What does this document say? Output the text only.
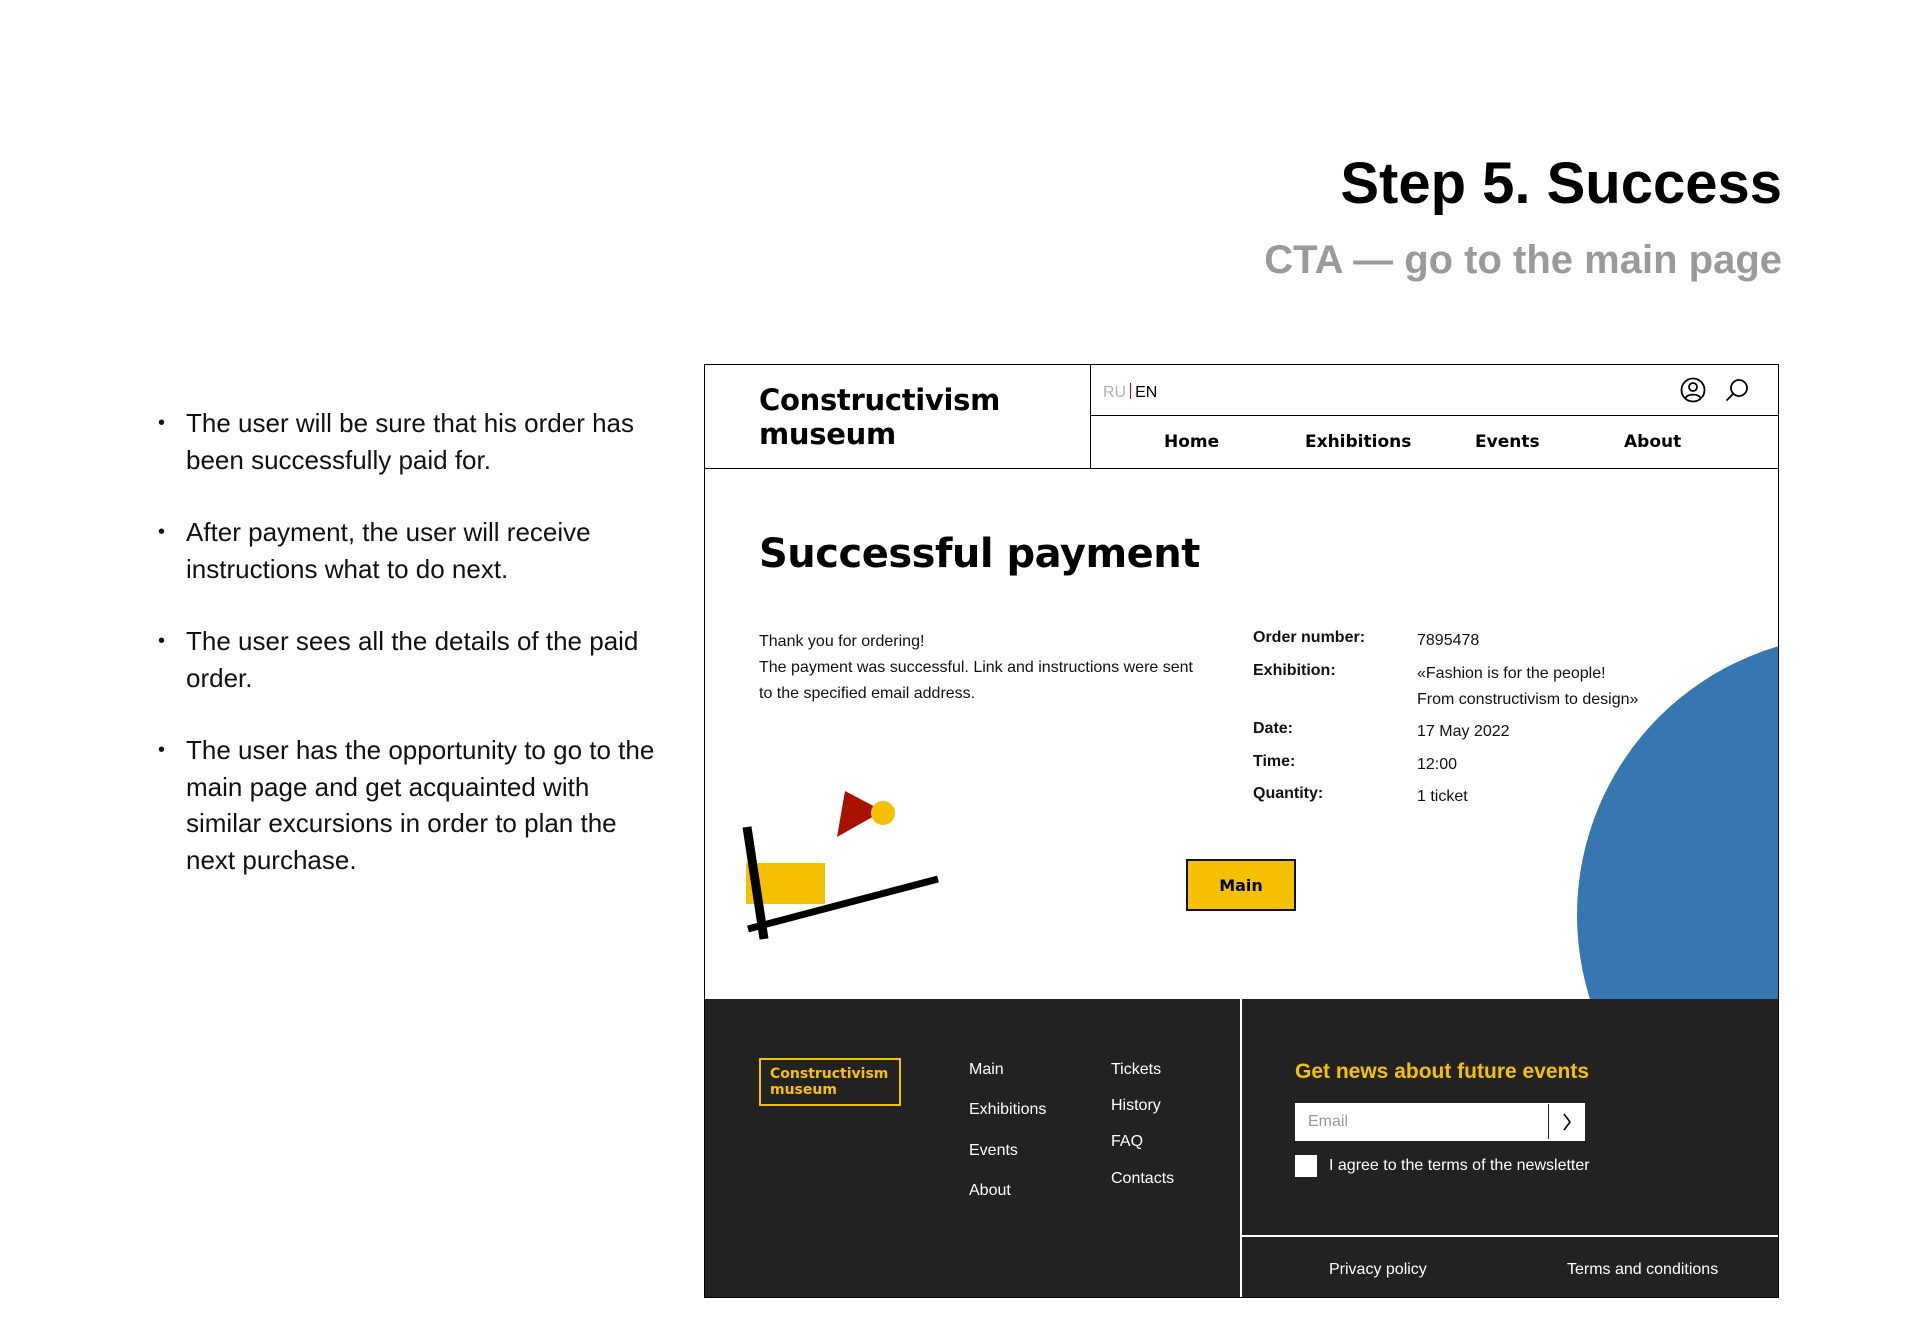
Step 5. Success
CTA — go to the main page
• The user will be sure that his order has been successfully paid for.
• After payment, the user will receive instructions what to do next.
• The user sees all the details of the paid order.
• The user has the opportunity to go to the main page and get acquainted with similar excursions in order to plan the next purchase.
Constructivism
museum
RU EN
Home	Exhibitions	Events	About
Successful payment
Thank you for ordering!
The payment was successful. Link and instructions were sent to the specified email address.
Order number:	7895478
Exhibition:	«Fashion is for the people!
From constructivism to design»
Date:	17 May 2022
Time:	12:00
Quantity:	1 ticket
Main
Constructivism
museum
Main
Exhibitions
Events
About
Tickets
History
FAQ
Contacts
Get news about future events
Email
I agree to the terms of the newsletter
Privacy policy	Terms and conditions
